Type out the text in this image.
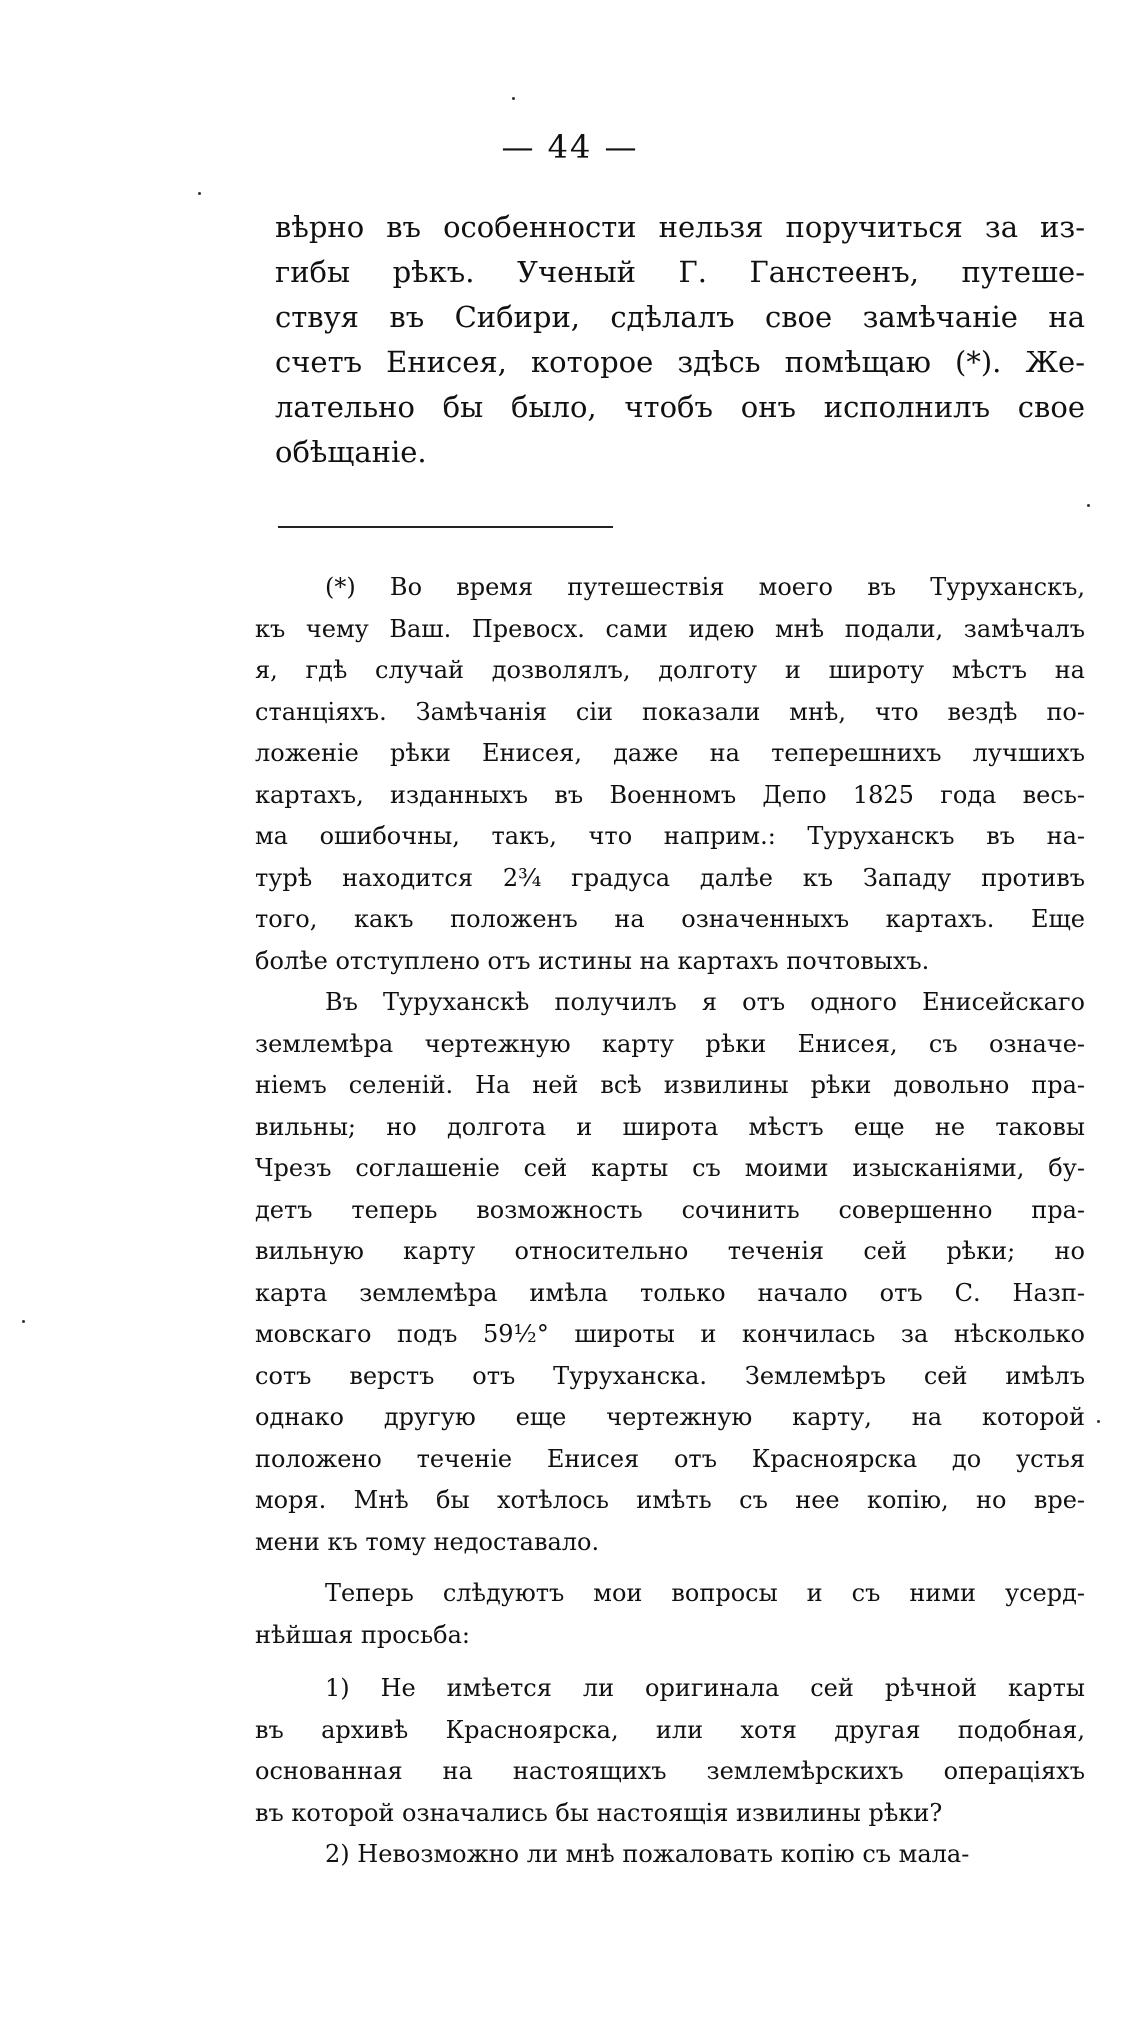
— 44 —
вѣрно въ особенности нельзя поручиться за из-
гибы рѣкъ. Ученый Г. Ганстеенъ, путеше-
ствуя въ Сибири, сдѣлалъ свое замѣчаніе на
счетъ Енисея, которое здѣсь помѣщаю (*). Же-
лательно бы было, чтобъ онъ исполнилъ свое
обѣщаніе.
(*) Во время путешествія моего въ Туруханскъ,
къ чему Ваш. Превосх. сами идею мнѣ подали, замѣчалъ
я, гдѣ случай дозволялъ, долготу и широту мѣстъ на
станціяхъ. Замѣчанія сіи показали мнѣ, что вездѣ по-
ложеніе рѣки Енисея, даже на теперешнихъ лучшихъ
картахъ, изданныхъ въ Военномъ Депо 1825 года весь-
ма ошибочны, такъ, что наприм.: Туруханскъ въ на-
турѣ находится 2¾ градуса далѣе къ Западу противъ
того, какъ положенъ на означенныхъ картахъ. Еще
болѣе отступлено отъ истины на картахъ почтовыхъ.
Въ Туруханскѣ получилъ я отъ одного Енисейскаго
землемѣра чертежную карту рѣки Енисея, съ означе-
ніемъ селеній. На ней всѣ извилины рѣки довольно пра-
вильны; но долгота и широта мѣстъ еще не таковы
Чрезъ соглашеніе сей карты съ моими изысканіями, бу-
детъ теперь возможность сочинить совершенно пра-
вильную карту относительно теченія сей рѣки; но
карта землемѣра имѣла только начало отъ С. Назп-
мовскаго подъ 59½° широты и кончилась за нѣсколько
сотъ верстъ отъ Туруханска. Землемѣръ сей имѣлъ
однако другую еще чертежную карту, на которой
положено теченіе Енисея отъ Красноярска до устья
моря. Мнѣ бы хотѣлось имѣть съ нее копію, но вре-
мени къ тому недоставало.
Теперь слѣдуютъ мои вопросы и съ ними усерд-
нѣйшая просьба:
1) Не имѣется ли оригинала сей рѣчной карты
въ архивѣ Красноярска, или хотя другая подобная,
основанная на настоящихъ землемѣрскихъ операціяхъ
въ которой означались бы настоящія извилины рѣки?
2) Невозможно ли мнѣ пожаловать копію съ мала-
